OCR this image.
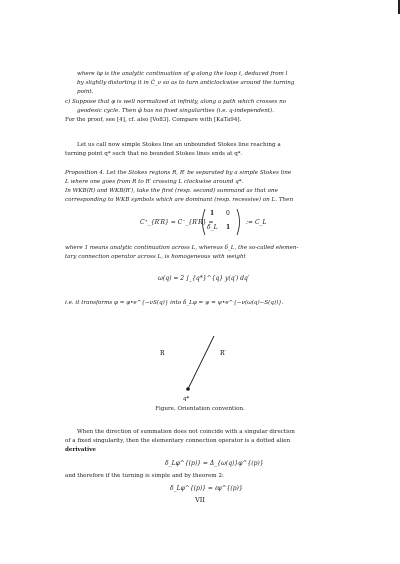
where ℓφ is the analytic continuation of φ along the loop ℓ, deduced from l
by slightly distorting it in Ĉ_ν so as to turn anticlockwise around the turning
point.
c) Suppose that φ is well normalized at infinity, along a path which crosses no
geodesic cycle. Then φ̂ has no fixed singularities (i.e. q-independent).
For the proof, see [4], cf. also [Vo83]. Compare with [KaTa94].
Let us call now simple Stokes line an unbounded Stokes line reaching a
turning point q* such that no bounded Stokes lines ends at q*.
Proposition 4. Let the Stokes regions R, R′ be separated by a simple Stokes line
L where one goes from R to R′ crossing L clockwise around q*.
In WKB(R) and WKB(R′), take the first (resp. second) summand as that one
corresponding to WKB symbols which are dominant (resp. recessive) on L. Then
C⁺_{R′R} = C⁻_{R′R} =
1 0
δ_L 1
:= C_L
where 1 means analytic continuation across L, whereas δ_L, the so-called elemen-
tary connection operator across L, is homogeneous with weight
ω(q) = 2 ∫_{q*}^{q} y(q′) dq′
i.e. it transforms φ = φ•e^{−νS(q)} into δ_Lφ = ψ = ψ•e^{−ν(ω(q)−S(q))}.
R	R′
q*
Figure. Orientation convention.
When the direction of summation does not coincide with a singular direction
of a fixed singularity, then the elementary connection operator is a dotted alien
derivative
δ_Lφ^{(p)} = Δ̇_{ω(q)}φ^{(p)}
and therefore if the turning is simple and by theorem 2:
δ_Lφ^{(p)} = ℓφ^{(p)}
VII
